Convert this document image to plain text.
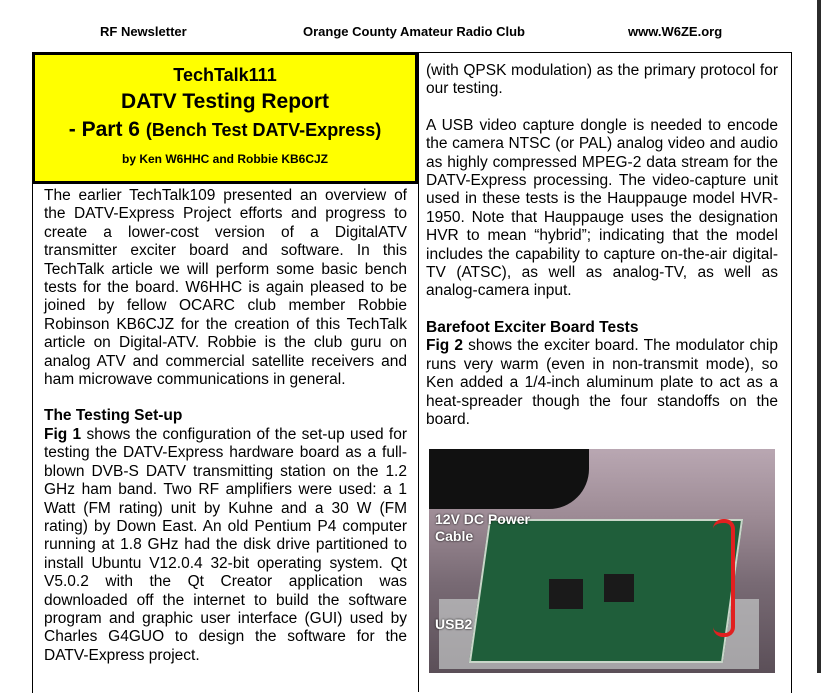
RF Newsletter	Orange County Amateur Radio Club	www.W6ZE.org
TechTalk111
DATV Testing Report
- Part 6 (Bench Test DATV-Express)
by Ken W6HHC and Robbie KB6CJZ

The earlier TechTalk109 presented an overview of the DATV-Express Project efforts and progress to create a lower-cost version of a DigitalATV transmitter exciter board and software. In this TechTalk article we will perform some basic bench tests for the board. W6HHC is again pleased to be joined by fellow OCARC club member Robbie Robinson KB6CJZ for the creation of this TechTalk article on Digital-ATV. Robbie is the club guru on analog ATV and commercial satellite receivers and ham microwave communications in general.

The Testing Set-up

Fig 1 shows the configuration of the set-up used for testing the DATV-Express hardware board as a full-blown DVB-S DATV transmitting station on the 1.2 GHz ham band. Two RF amplifiers were used: a 1 Watt (FM rating) unit by Kuhne and a 30 W (FM rating) by Down East. An old Pentium P4 computer running at 1.8 GHz had the disk drive partitioned to install Ubuntu V12.0.4 32-bit operating system. Qt V5.0.2 with the Qt Creator application was downloaded off the internet to build the software program and graphic user interface (GUI) used by Charles G4GUO to design the software for the DATV-Express project.

(with QPSK modulation) as the primary protocol for our testing.

A USB video capture dongle is needed to encode the camera NTSC (or PAL) analog video and audio as highly compressed MPEG-2 data stream for the DATV-Express processing. The video-capture unit used in these tests is the Hauppauge model HVR-1950. Note that Hauppauge uses the designation HVR to mean “hybrid”; indicating that the model includes the capability to capture on-the-air digital-TV (ATSC), as well as analog-TV, as well as analog-camera input.

Barefoot Exciter Board Tests

Fig 2 shows the exciter board. The modulator chip runs very warm (even in non-transmit mode), so Ken added a 1/4-inch aluminum plate to act as a heat-spreader though the four standoffs on the board.

12V DC Power
Cable
USB2
